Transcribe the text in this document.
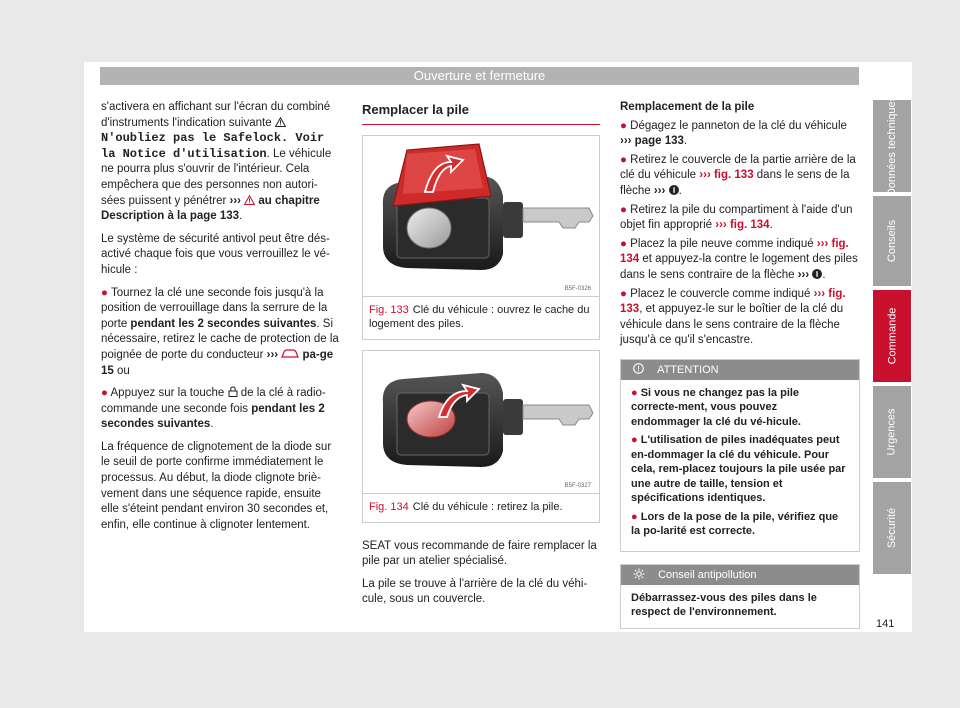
Ouverture et fermeture

s'activera en affichant sur l'écran du combiné d'instruments l'indication suivante  N'oubliez pas le Safelock. Voir la Notice d'utilisation. Le véhicule ne pourra plus s'ouvrir de l'intérieur. Cela empêchera que des personnes non autori-sées puissent y pénétrer ›››  au chapitre Description à la page 133.

Le système de sécurité antivol peut être dés-activé chaque fois que vous verrouillez le vé-hicule :

● Tournez la clé une seconde fois jusqu'à la position de verrouillage dans la serrure de la porte pendant les 2 secondes suivantes. Si nécessaire, retirez le cache de protection de la poignée de porte du conducteur ›››  pa-ge 15 ou

● Appuyez sur la touche  de la clé à radio-commande une seconde fois pendant les 2 secondes suivantes.

La fréquence de clignotement de la diode sur le seuil de porte confirme immédiatement le processus. Au début, la diode clignote briè-vement dans une séquence rapide, ensuite elle s'éteint pendant environ 30 secondes et, enfin, elle continue à clignoter lentement.

Remplacer la pile
B5F-0326
Fig. 133 Clé du véhicule : ouvrez le cache du logement des piles.
B5F-0327
Fig. 134 Clé du véhicule : retirez la pile.

SEAT vous recommande de faire remplacer la pile par un atelier spécialisé.

La pile se trouve à l'arrière de la clé du véhi-cule, sous un couvercle.

Remplacement de la pile

● Dégagez le panneton de la clé du véhicule ››› page 133.

● Retirez le couvercle de la partie arrière de la clé du véhicule ››› fig. 133 dans le sens de la flèche ››› .

● Retirez la pile du compartiment à l'aide d'un objet fin approprié ››› fig. 134.

● Placez la pile neuve comme indiqué ››› fig. 134 et appuyez-la contre le logement des piles dans le sens contraire de la flèche ››› .

● Placez le couvercle comme indiqué ››› fig. 133, et appuyez-le sur le boîtier de la clé du véhicule dans le sens contraire de la flèche jusqu'à ce qu'il s'encastre.

ATTENTION

● Si vous ne changez pas la pile correcte-ment, vous pouvez endommager la clé du vé-hicule.

● L'utilisation de piles inadéquates peut en-dommager la clé du véhicule. Pour cela, rem-placez toujours la pile usée par une autre de taille, tension et spécifications identiques.

● Lors de la pose de la pile, vérifiez que la po-larité est correcte.

Conseil antipollution
Débarrassez-vous des piles dans le respect de l'environnement.
Données techniques
Conseils
Commande
Urgences
Sécurité
141
